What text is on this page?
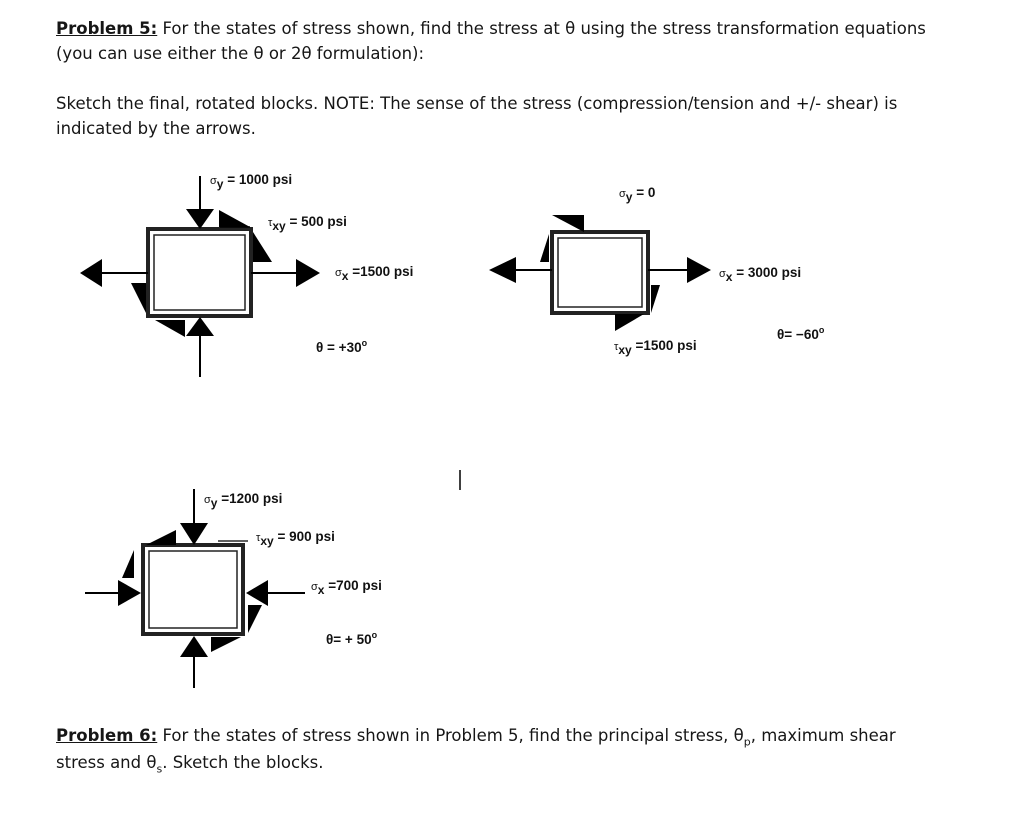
Problem 5: For the states of stress shown, find the stress at θ using the stress transformation equations
(you can use either the θ or 2θ formulation):
Sketch the final, rotated blocks. NOTE: The sense of the stress (compression/tension and +/- shear) is
indicated by the arrows.
σy = 1000 psi
τxy = 500 psi
σx =1500 psi
$\theta = +30^o$
σy = 0
σx = 3000 psi
τxy =1500 psi
$\theta= -60^o$
σy =1200 psi
τxy = 900 psi
σx =700 psi
$\theta= + 50^o$
Problem 6: For the states of stress shown in Problem 5, find the principal stress, $\theta_p$, maximum shear
stress and $\theta_s$. Sketch the blocks.
